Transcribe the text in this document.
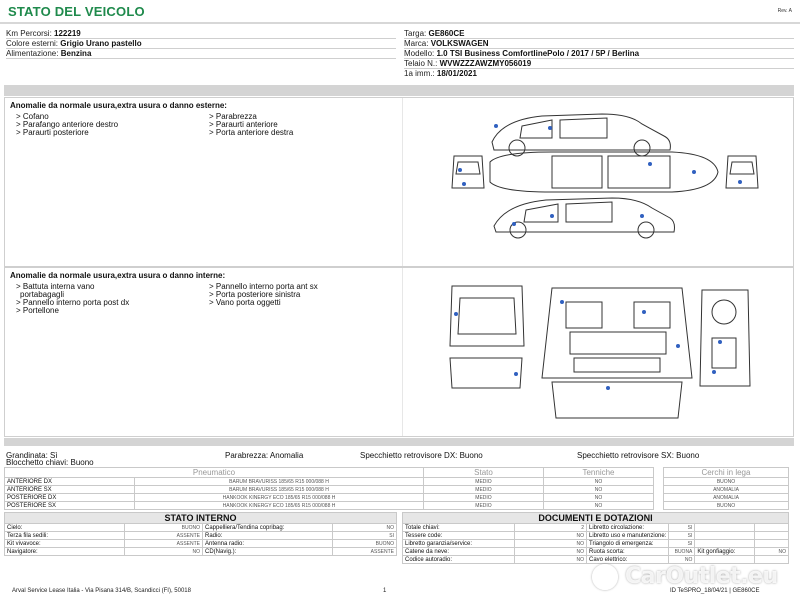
STATO DEL VEICOLO	Rev. A
Km Percorsi: 122219
Colore esterni: Grigio Urano pastello
Alimentazione: Benzina
Targa: GE860CE
Marca: VOLKSWAGEN
Modello: 1.0 TSI Business ComfortlinePolo / 2017 / 5P / Berlina
Telaio N.: WVWZZZAWZMY056019
1a imm.: 18/01/2021
Anomalie da normale usura,extra usura o danno esterne:
> Cofano
> Parafango anteriore destro
> Paraurti posteriore
> Parabrezza
> Paraurti anteriore
> Porta anteriore destra
Anomalie da normale usura,extra usura o danno interne:
> Battuta interna vano
portabagagli
> Pannello interno porta post dx
> Portellone
> Pannello interno porta ant sx
> Porta posteriore sinistra
> Vano porta oggetti
Grandinata: Sì
Blocchetto chiavi: Buono
Parabrezza: Anomalia	Specchietto retrovisore DX: Buono	Specchietto retrovisore SX: Buono
Pneumatico		Stato	Tenniche		Cerchi in lega
ANTERIORE DX	BARUM BRAVURISS 185/65 R15 000/088 H	MEDIO	NO		BUONO
ANTERIORE SX	BARUM BRAVURISS 185/65 R15 000/088 H	MEDIO	NO		ANOMALIA
POSTERIORE DX	HANKOOK KINERGY ECO 185/65 R15 000/088 H	MEDIO	NO		ANOMALIA
POSTERIORE SX	HANKOOK KINERGY ECO 185/65 R15 000/088 H	MEDIO	NO		BUONO
STATO INTERNO			
Cielo:	BUONO	Cappelliera/Tendina copribag:	NO
Terza fila sedili:	ASSENTE	Radio:	SI
Kit vivavoce:	ASSENTE	Antenna radio:	BUONO
Navigatore:	NO	CD(Navig.):	ASSENTE
DOCUMENTI E DOTAZIONI					
Totale chiavi:	2	Libretto circolazione:	SI		
Tessere code:	NO	Libretto uso e manutenzione:	SI		
Libretto garanzia/service:	NO	Triangolo di emergenza:	SI		
Catene da neve:	NO	Ruota scorta:	BUONA	Kit gonfiaggio:	NO
Codice autoradio:	NO	Cavo elettrico:	NO		
Arval Service Lease Italia - Via Pisana 314/B, Scandicci (FI), 50018	1	ID TeSPRO_18/04/21 | GE860CE
CarOutlet.eu
